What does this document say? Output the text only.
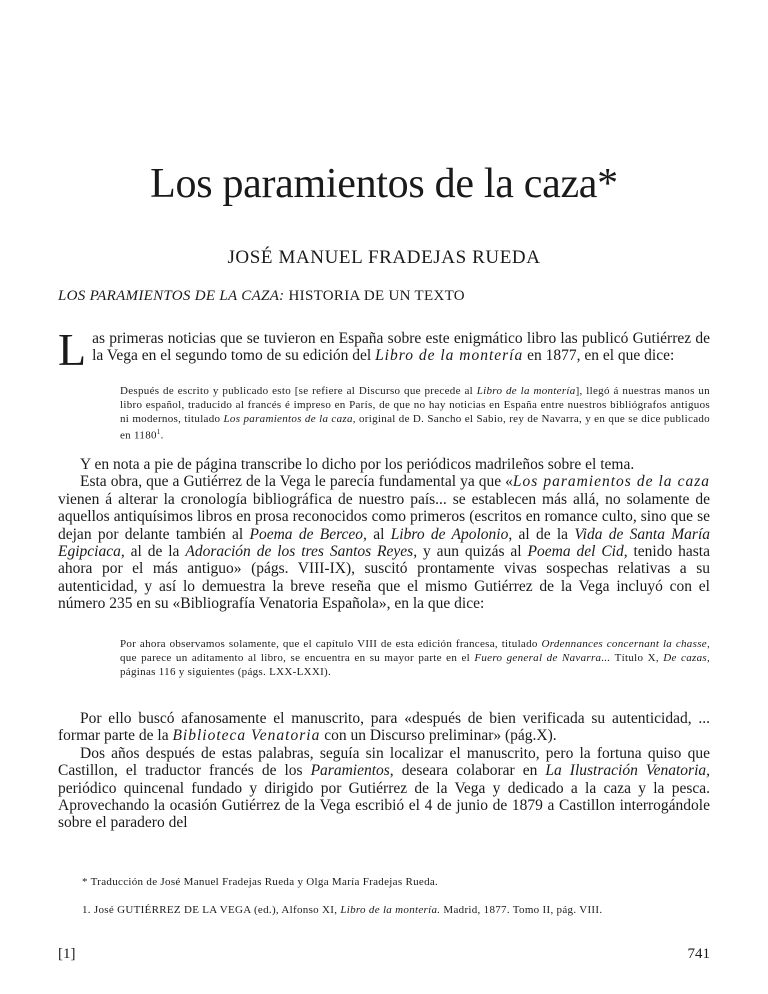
Los paramientos de la caza*
JOSÉ MANUEL FRADEJAS RUEDA
LOS PARAMIENTOS DE LA CAZA: HISTORIA DE UN TEXTO

Las primeras noticias que se tuvieron en España sobre este enigmático libro las publicó Gutiérrez de la Vega en el segundo tomo de su edición del Libro de la montería en 1877, en el que dice:

Después de escrito y publicado esto [se refiere al Discurso que precede al Libro de la montería], llegó á nuestras manos un libro español, traducido al francés é impreso en París, de que no hay noticias en España entre nuestros bibliógrafos antiguos ni modernos, titulado Los paramientos de la caza, original de D. Sancho el Sabio, rey de Navarra, y en que se dice publicado en 1180$^1$.

Y en nota a pie de página transcribe lo dicho por los periódicos madrileños sobre el tema.

Esta obra, que a Gutiérrez de la Vega le parecía fundamental ya que «Los paramientos de la caza vienen á alterar la cronología bibliográfica de nuestro país... se establecen más allá, no solamente de aquellos antiquísimos libros en prosa reconocidos como primeros (escritos en romance culto, sino que se dejan por delante también al Poema de Berceo, al Libro de Apolonio, al de la Vida de Santa María Egipciaca, al de la Adoración de los tres Santos Reyes, y aun quizás al Poema del Cid, tenido hasta ahora por el más antiguo» (págs. VIII-IX), suscitó prontamente vivas sospechas relativas a su autenticidad, y así lo demuestra la breve reseña que el mismo Gutiérrez de la Vega incluyó con el número 235 en su «Bibliografía Venatoria Española», en la que dice:

Por ahora observamos solamente, que el capítulo VIII de esta edición francesa, titulado Ordennances concernant la chasse, que parece un aditamento al libro, se encuentra en su mayor parte en el Fuero general de Navarra... Título X, De cazas, páginas 116 y siguientes (págs. LXX-LXXI).

Por ello buscó afanosamente el manuscrito, para «después de bien verificada su autenticidad, ... formar parte de la Biblioteca Venatoria con un Discurso preliminar» (pág.X).

Dos años después de estas palabras, seguía sin localizar el manuscrito, pero la fortuna quiso que Castillon, el traductor francés de los Paramientos, deseara colaborar en La Ilustración Venatoria, periódico quincenal fundado y dirigido por Gutiérrez de la Vega y dedicado a la caza y la pesca. Aprovechando la ocasión Gutiérrez de la Vega escribió el 4 de junio de 1879 a Castillon interrogándole sobre el paradero del

* Traducción de José Manuel Fradejas Rueda y Olga María Fradejas Rueda.
1. José GUTIÉRREZ DE LA VEGA (ed.), Alfonso XI, Libro de la montería. Madrid, 1877. Tomo II, pág. VIII.
[1]	741
